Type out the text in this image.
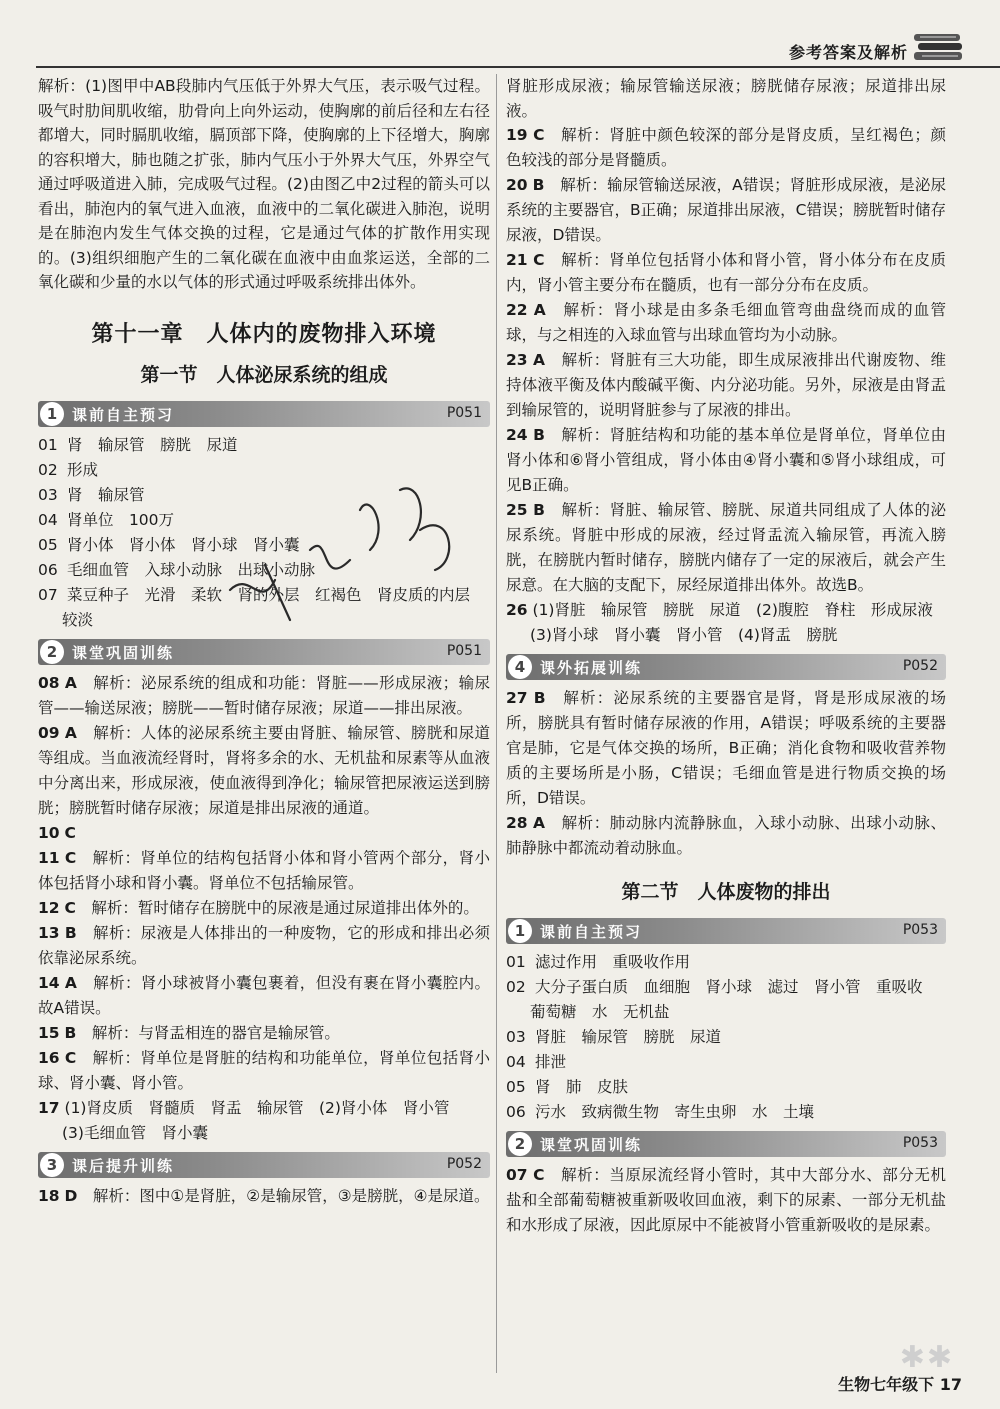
参考答案及解析

解析：(1)图甲中AB段肺内气压低于外界大气压，表示吸气过程。吸气时肋间肌收缩，肋骨向上向外运动，使胸廓的前后径和左右径都增大，同时膈肌收缩，膈顶部下降，使胸廓的上下径增大，胸廓的容积增大，肺也随之扩张，肺内气压小于外界大气压，外界空气通过呼吸道进入肺，完成吸气过程。(2)由图乙中2过程的箭头可以看出，肺泡内的氧气进入血液，血液中的二氧化碳进入肺泡，说明是在肺泡内发生气体交换的过程，它是通过气体的扩散作用实现的。(3)组织细胞产生的二氧化碳在血液中由血浆运送，全部的二氧化碳和少量的水以气体的形式通过呼吸系统排出体外。

第十一章　人体内的废物排入环境
第一节　人体泌尿系统的组成
1 课前自主预习	P051

01 肾　输尿管　膀胱　尿道

02 形成

03 肾　输尿管

04 肾单位　100万

05 肾小体　肾小体　肾小球　肾小囊

06 毛细血管　入球小动脉　出球小动脉

07 菜豆种子　光滑　柔软　肾的外层　红褐色　肾皮质的内层

较淡

2 课堂巩固训练	P051

08 A　 解析：泌尿系统的组成和功能：肾脏——形成尿液；输尿管——输送尿液；膀胱——暂时储存尿液；尿道——排出尿液。

09 A　 解析：人体的泌尿系统主要由肾脏、输尿管、膀胱和尿道等组成。当血液流经肾时，肾将多余的水、无机盐和尿素等从血液中分离出来，形成尿液，使血液得到净化；输尿管把尿液运送到膀胱；膀胱暂时储存尿液；尿道是排出尿液的通道。

10 C

11 C　 解析：肾单位的结构包括肾小体和肾小管两个部分，肾小体包括肾小球和肾小囊。肾单位不包括输尿管。

12 C　 解析：暂时储存在膀胱中的尿液是通过尿道排出体外的。

13 B　 解析：尿液是人体排出的一种废物，它的形成和排出必须依靠泌尿系统。

14 A　 解析：肾小球被肾小囊包裹着，但没有裹在肾小囊腔内。故A错误。

15 B　 解析：与肾盂相连的器官是输尿管。

16 C　 解析：肾单位是肾脏的结构和功能单位，肾单位包括肾小球、肾小囊、肾小管。

17 (1)肾皮质　肾髓质　肾盂　输尿管　(2)肾小体　肾小管

(3)毛细血管　肾小囊

3 课后提升训练	P052

18 D　 解析：图中①是肾脏，②是输尿管，③是膀胱，④是尿道。

肾脏形成尿液；输尿管输送尿液；膀胱储存尿液；尿道排出尿液。

19 C　 解析：肾脏中颜色较深的部分是肾皮质，呈红褐色；颜色较浅的部分是肾髓质。

20 B　 解析：输尿管输送尿液，A错误；肾脏形成尿液，是泌尿系统的主要器官，B正确；尿道排出尿液，C错误；膀胱暂时储存尿液，D错误。

21 C　 解析：肾单位包括肾小体和肾小管，肾小体分布在皮质内，肾小管主要分布在髓质，也有一部分分布在皮质。

22 A　 解析：肾小球是由多条毛细血管弯曲盘绕而成的血管球，与之相连的入球血管与出球血管均为小动脉。

23 A　 解析：肾脏有三大功能，即生成尿液排出代谢废物、维持体液平衡及体内酸碱平衡、内分泌功能。另外，尿液是由肾盂到输尿管的，说明肾脏参与了尿液的排出。

24 B　 解析：肾脏结构和功能的基本单位是肾单位，肾单位由肾小体和⑥肾小管组成，肾小体由④肾小囊和⑤肾小球组成，可见B正确。

25 B　 解析：肾脏、输尿管、膀胱、尿道共同组成了人体的泌尿系统。肾脏中形成的尿液，经过肾盂流入输尿管，再流入膀胱，在膀胱内暂时储存，膀胱内储存了一定的尿液后，就会产生尿意。在大脑的支配下，尿经尿道排出体外。故选B。

26 (1)肾脏　输尿管　膀胱　尿道　(2)腹腔　脊柱　形成尿液

(3)肾小球　肾小囊　肾小管　(4)肾盂　膀胱

4 课外拓展训练	P052

27 B　 解析：泌尿系统的主要器官是肾，肾是形成尿液的场所，膀胱具有暂时储存尿液的作用，A错误；呼吸系统的主要器官是肺，它是气体交换的场所，B正确；消化食物和吸收营养物质的主要场所是小肠，C错误；毛细血管是进行物质交换的场所，D错误。

28 A　 解析：肺动脉内流静脉血，入球小动脉、出球小动脉、肺静脉中都流动着动脉血。

第二节　人体废物的排出
1 课前自主预习	P053

01 滤过作用　重吸收作用

02 大分子蛋白质　血细胞　肾小球　滤过　肾小管　重吸收

葡萄糖　水　无机盐

03 肾脏　输尿管　膀胱　尿道

04 排泄

05 肾　肺　皮肤

06 污水　致病微生物　寄生虫卵　水　土壤

2 课堂巩固训练	P053

07 C　 解析：当原尿流经肾小管时，其中大部分水、部分无机盐和全部葡萄糖被重新吸收回血液，剩下的尿素、一部分无机盐和水形成了尿液，因此原尿中不能被肾小管重新吸收的是尿素。

✱✱
生物七年级下 17
